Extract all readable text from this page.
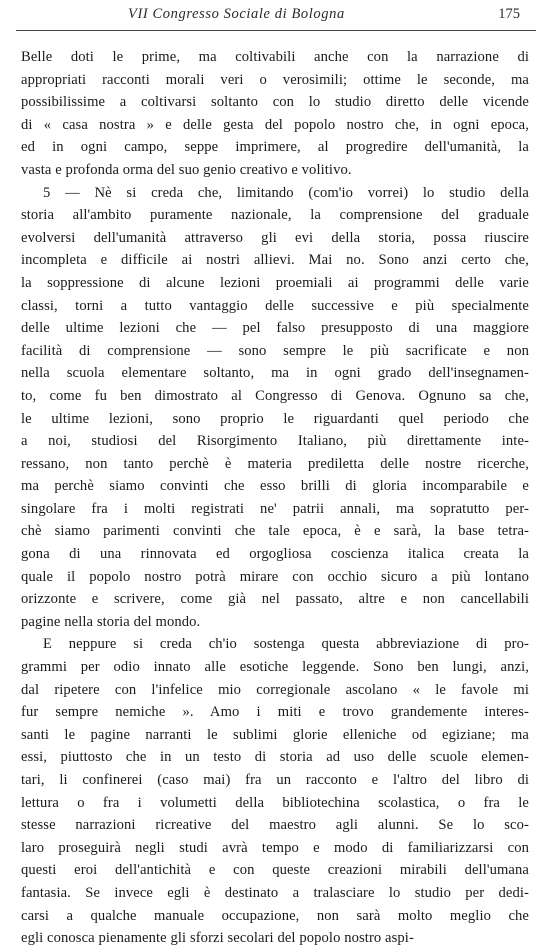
VII Congresso Sociale di Bologna	175
Belle doti le prime, ma coltivabili anche con la narrazione di
appropriati racconti morali veri o verosimili; ottime le seconde, ma
possibilissime a coltivarsi soltanto con lo studio diretto delle vicende
di « casa nostra » e delle gesta del popolo nostro che, in ogni epoca,
ed in ogni campo, seppe imprimere, al progredire dell'umanità, la
vasta e profonda orma del suo genio creativo e volitivo.
5 — Nè si creda che, limitando (com'io vorrei) lo studio della
storia all'ambito puramente nazionale, la comprensione del graduale
evolversi dell'umanità attraverso gli evi della storia, possa riuscire
incompleta e difficile ai nostri allievi. Mai no. Sono anzi certo che,
la soppressione di alcune lezioni proemiali ai programmi delle varie
classi, torni a tutto vantaggio delle successive e più specialmente
delle ultime lezioni che — pel falso presupposto di una maggiore
facilità di comprensione — sono sempre le più sacrificate e non
nella scuola elementare soltanto, ma in ogni grado dell'insegnamen-
to, come fu ben dimostrato al Congresso di Genova. Ognuno sa che,
le ultime lezioni, sono proprio le riguardanti quel periodo che
a noi, studiosi del Risorgimento Italiano, più direttamente inte-
ressano, non tanto perchè è materia prediletta delle nostre ricerche,
ma perchè siamo convinti che esso brilli di gloria incomparabile e
singolare fra i molti registrati ne' patrii annali, ma sopratutto per-
chè siamo parimenti convinti che tale epoca, è e sarà, la base tetra-
gona di una rinnovata ed orgogliosa coscienza italica creata la
quale il popolo nostro potrà mirare con occhio sicuro a più lontano
orizzonte e scrivere, come già nel passato, altre e non cancellabili
pagine nella storia del mondo.
E neppure si creda ch'io sostenga questa abbreviazione di pro-
grammi per odio innato alle esotiche leggende. Sono ben lungi, anzi,
dal ripetere con l'infelice mio corregionale ascolano « le favole mi
fur sempre nemiche ». Amo i miti e trovo grandemente interes-
santi le pagine narranti le sublimi glorie elleniche od egiziane; ma
essi, piuttosto che in un testo di storia ad uso delle scuole elemen-
tari, li confinerei (caso mai) fra un racconto e l'altro del libro di
lettura o fra i volumetti della bibliotechina scolastica, o fra le
stesse narrazioni ricreative del maestro agli alunni. Se lo sco-
laro proseguirà negli studi avrà tempo e modo di familiarizzarsi con
questi eroi dell'antichità e con queste creazioni mirabili dell'umana
fantasia. Se invece egli è destinato a tralasciare lo studio per dedi-
carsi a qualche manuale occupazione, non sarà molto meglio che
egli conosca pienamente gli sforzi secolari del popolo nostro aspi-
